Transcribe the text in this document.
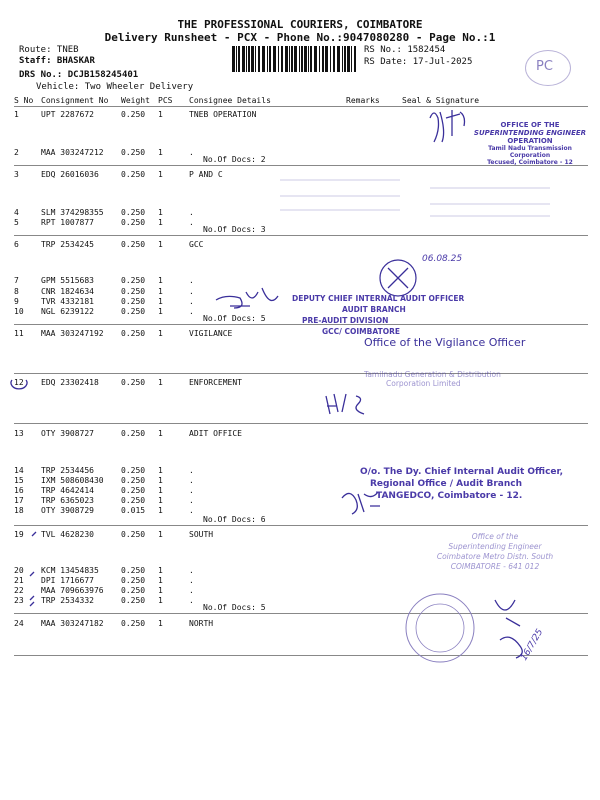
THE PROFESSIONAL COURIERS, COIMBATORE
Delivery Runsheet - PCX - Phone No.:9047080280 - Page No.:1
Route: TNEB
Staff: BHASKAR
DRS No.: DCJB158245401
Vehicle: Two Wheeler Delivery
RS No.: 1582454
RS Date: 17-Jul-2025	PC
S No Consignment No Weight PCS Consignee Details	Remarks	Seal & Signature
1	UPT 2287672	0.250 1	TNEB OPERATION
2	MAA 303247212 0.250 1	.
3	EDQ 26016036	0.250 1	P AND C
4	SLM 374298355 0.250 1	.
5	RPT 1007877	0.250 1	.
6	TRP 2534245	0.250 1	GCC
7	GPM 5515683	0.250 1	.
8	CNR 1824634	0.250 1	.
9	TVR 4332181	0.250 1	.
10 NGL 6239122	0.250 1	.
11 MAA 303247192 0.250 1	VIGILANCE
12 EDQ 23302418	0.250 1	ENFORCEMENT
13 OTY 3908727	0.250 1	ADIT OFFICE
14 TRP 2534456	0.250 1	.
15 IXM 508608430 0.250 1	.
16 TRP 4642414	0.250 1	.
17 TRP 6365023	0.250 1	.
18 OTY 3908729	0.015 1	.
19 TVL 4628230	0.250 1	SOUTH
20 KCM 13454835	0.250 1	.
21 DPI 1716677	0.250 1	.
22 MAA 709663976 0.250 1	.
23 TRP 2534332	0.250 1	.
24 MAA 303247182 0.250 1	NORTH
No.Of Docs: 2
No.Of Docs: 3
No.Of Docs: 5
No.Of Docs: 6
No.Of Docs: 5
OFFICE OF THE
SUPERINTENDING ENGINEER
OPERATION
Tamil Nadu Transmission Corporation
Tecused, Coimbatore - 12
DEPUTY CHIEF INTERNAL AUDIT OFFICER
AUDIT BRANCH
PRE-AUDIT DIVISION
GCC/ COIMBATORE
Office of the Vigilance Officer
Tamilnadu Generation & Distribution
Corporation Limited
O/o. The Dy. Chief Internal Audit Officer,
Regional Office / Audit Branch
TANGEDCO, Coimbatore - 12.
Office of the
Superintending Engineer
Coimbatore Metro Distn. South
COIMBATORE - 641 012
06.08.25
16/7/25
